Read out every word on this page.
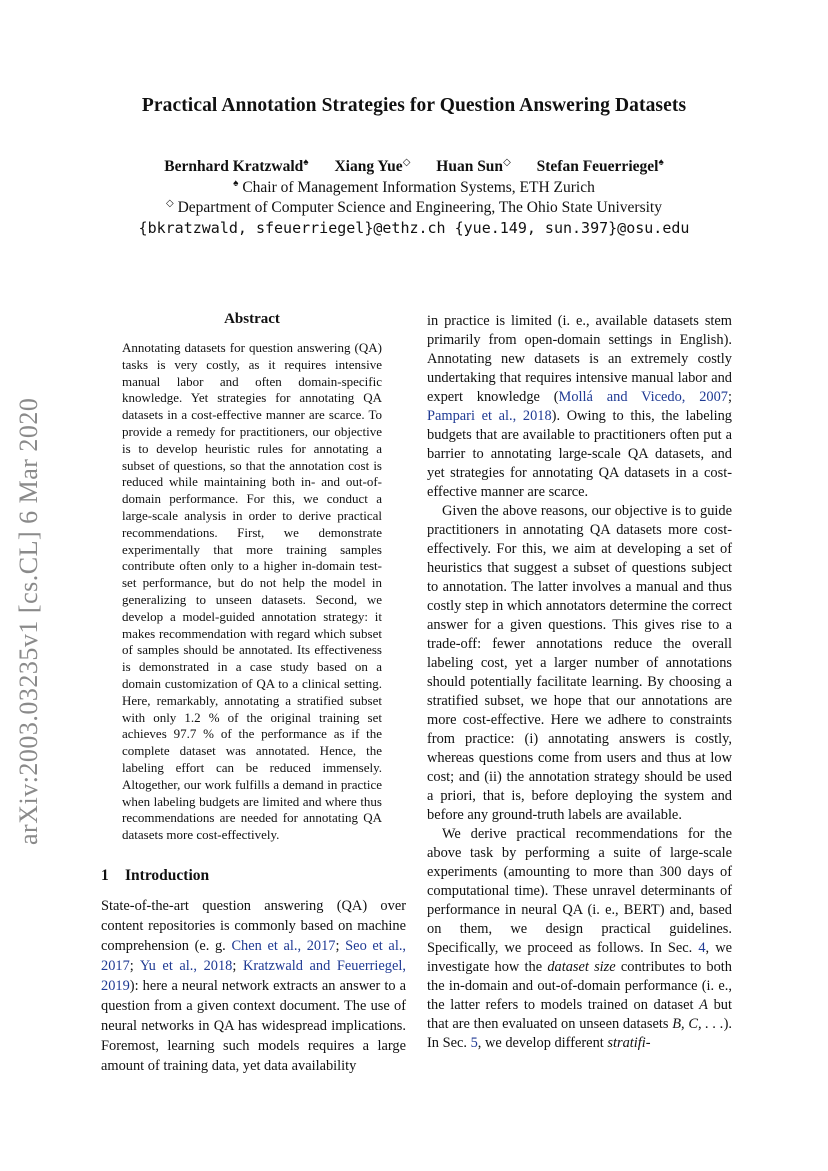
Practical Annotation Strategies for Question Answering Datasets
Bernhard Kratzwald♠ Xiang Yue◇ Huan Sun◇ Stefan Feuerriegel♠
♠ Chair of Management Information Systems, ETH Zurich
◇ Department of Computer Science and Engineering, The Ohio State University
{bkratzwald, sfeuerriegel}@ethz.ch {yue.149, sun.397}@osu.edu
arXiv:2003.03235v1 [cs.CL] 6 Mar 2020
Abstract
Annotating datasets for question answering (QA) tasks is very costly, as it requires intensive manual labor and often domain-specific knowledge. Yet strategies for annotating QA datasets in a cost-effective manner are scarce. To provide a remedy for practitioners, our objective is to develop heuristic rules for annotating a subset of questions, so that the annotation cost is reduced while maintaining both in- and out-of-domain performance. For this, we conduct a large-scale analysis in order to derive practical recommendations. First, we demonstrate experimentally that more training samples contribute often only to a higher in-domain test-set performance, but do not help the model in generalizing to unseen datasets. Second, we develop a model-guided annotation strategy: it makes recommendation with regard which subset of samples should be annotated. Its effectiveness is demonstrated in a case study based on a domain customization of QA to a clinical setting. Here, remarkably, annotating a stratified subset with only 1.2 % of the original training set achieves 97.7 % of the performance as if the complete dataset was annotated. Hence, the labeling effort can be reduced immensely. Altogether, our work fulfills a demand in practice when labeling budgets are limited and where thus recommendations are needed for annotating QA datasets more cost-effectively.
1 Introduction

State-of-the-art question answering (QA) over content repositories is commonly based on machine comprehension (e. g. Chen et al., 2017; Seo et al., 2017; Yu et al., 2018; Kratzwald and Feuerriegel, 2019): here a neural network extracts an answer to a question from a given context document. The use of neural networks in QA has widespread implications. Foremost, learning such models requires a large amount of training data, yet data availability

in practice is limited (i. e., available datasets stem primarily from open-domain settings in English). Annotating new datasets is an extremely costly undertaking that requires intensive manual labor and expert knowledge (Mollá and Vicedo, 2007; Pampari et al., 2018). Owing to this, the labeling budgets that are available to practitioners often put a barrier to annotating large-scale QA datasets, and yet strategies for annotating QA datasets in a cost-effective manner are scarce.

Given the above reasons, our objective is to guide practitioners in annotating QA datasets more cost-effectively. For this, we aim at developing a set of heuristics that suggest a subset of questions subject to annotation. The latter involves a manual and thus costly step in which annotators determine the correct answer for a given questions. This gives rise to a trade-off: fewer annotations reduce the overall labeling cost, yet a larger number of annotations should potentially facilitate learning. By choosing a stratified subset, we hope that our annotations are more cost-effective. Here we adhere to constraints from practice: (i) annotating answers is costly, whereas questions come from users and thus at low cost; and (ii) the annotation strategy should be used a priori, that is, before deploying the system and before any ground-truth labels are available.

We derive practical recommendations for the above task by performing a suite of large-scale experiments (amounting to more than 300 days of computational time). These unravel determinants of performance in neural QA (i. e., BERT) and, based on them, we design practical guidelines. Specifically, we proceed as follows. In Sec. 4, we investigate how the dataset size contributes to both the in-domain and out-of-domain performance (i. e., the latter refers to models trained on dataset A but that are then evaluated on unseen datasets B, C, . . .). In Sec. 5, we develop different stratifi-
